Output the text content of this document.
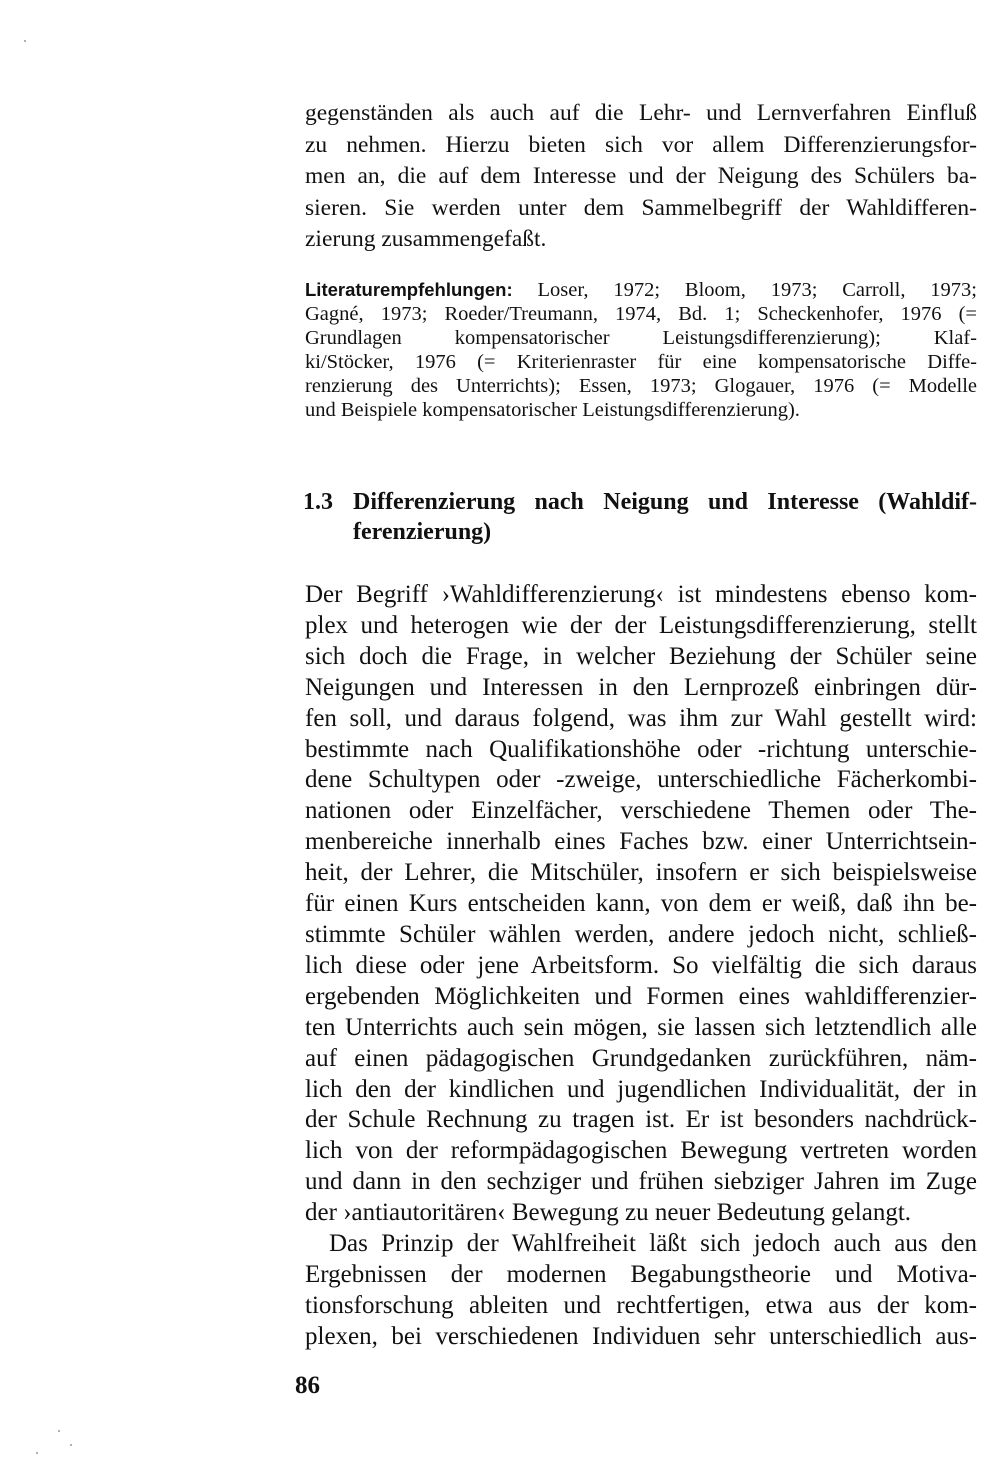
gegenständen als auch auf die Lehr- und Lernverfahren Einfluß
zu nehmen. Hierzu bieten sich vor allem Differenzierungsfor-
men an, die auf dem Interesse und der Neigung des Schülers ba-
sieren. Sie werden unter dem Sammelbegriff der Wahldifferen-
zierung zusammengefaßt.
Literaturempfehlungen: Loser, 1972; Bloom, 1973; Carroll, 1973;
Gagné, 1973; Roeder/Treumann, 1974, Bd. 1; Scheckenhofer, 1976 (=
Grundlagen kompensatorischer Leistungsdifferenzierung); Klaf-
ki/Stöcker, 1976 (= Kriterienraster für eine kompensatorische Diffe-
renzierung des Unterrichts); Essen, 1973; Glogauer, 1976 (= Modelle
und Beispiele kompensatorischer Leistungsdifferenzierung).
1.3 Differenzierung nach Neigung und Interesse (Wahldif-
ferenzierung)
Der Begriff ›Wahldifferenzierung‹ ist mindestens ebenso kom-
plex und heterogen wie der der Leistungsdifferenzierung, stellt
sich doch die Frage, in welcher Beziehung der Schüler seine
Neigungen und Interessen in den Lernprozeß einbringen dür-
fen soll, und daraus folgend, was ihm zur Wahl gestellt wird:
bestimmte nach Qualifikationshöhe oder -richtung unterschie-
dene Schultypen oder -zweige, unterschiedliche Fächerkombi-
nationen oder Einzelfächer, verschiedene Themen oder The-
menbereiche innerhalb eines Faches bzw. einer Unterrichtsein-
heit, der Lehrer, die Mitschüler, insofern er sich beispielsweise
für einen Kurs entscheiden kann, von dem er weiß, daß ihn be-
stimmte Schüler wählen werden, andere jedoch nicht, schließ-
lich diese oder jene Arbeitsform. So vielfältig die sich daraus
ergebenden Möglichkeiten und Formen eines wahldifferenzier-
ten Unterrichts auch sein mögen, sie lassen sich letztendlich alle
auf einen pädagogischen Grundgedanken zurückführen, näm-
lich den der kindlichen und jugendlichen Individualität, der in
der Schule Rechnung zu tragen ist. Er ist besonders nachdrück-
lich von der reformpädagogischen Bewegung vertreten worden
und dann in den sechziger und frühen siebziger Jahren im Zuge
der ›antiautoritären‹ Bewegung zu neuer Bedeutung gelangt.
Das Prinzip der Wahlfreiheit läßt sich jedoch auch aus den
Ergebnissen der modernen Begabungstheorie und Motiva-
tionsforschung ableiten und rechtfertigen, etwa aus der kom-
plexen, bei verschiedenen Individuen sehr unterschiedlich aus-
86
